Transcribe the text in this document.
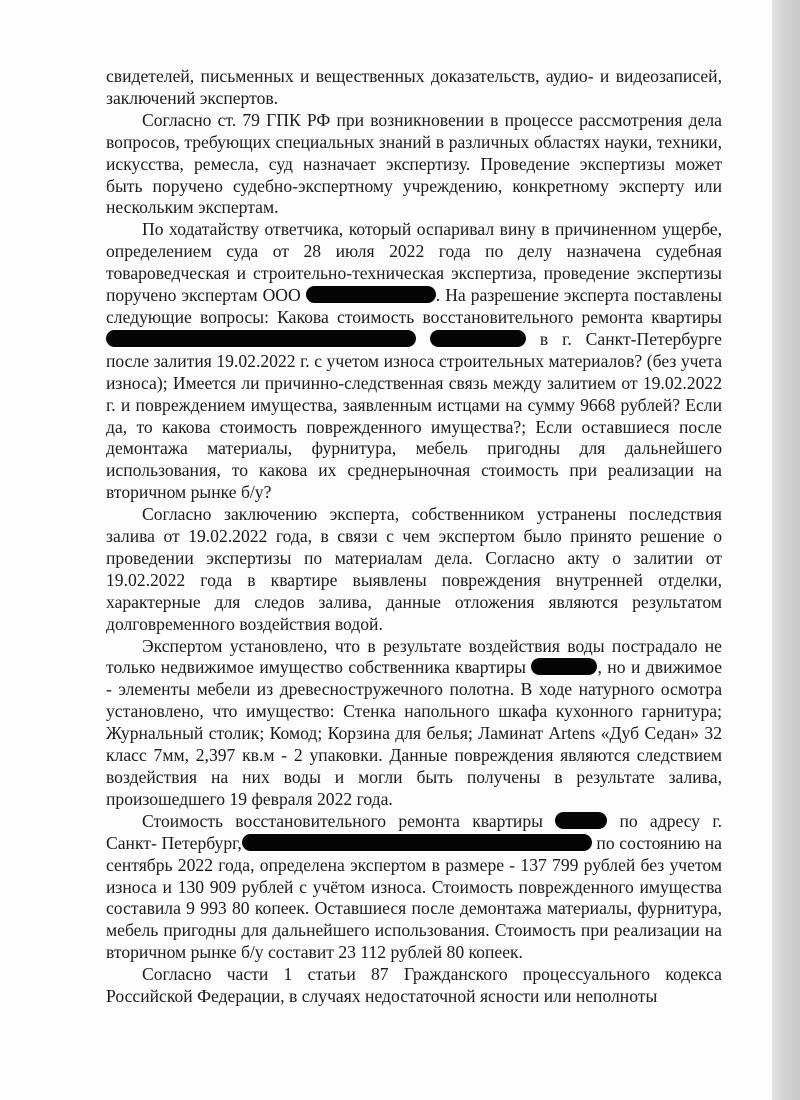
свидетелей, письменных и вещественных доказательств, аудио- и видеозаписей, заключений экспертов.

Согласно ст. 79 ГПК РФ при возникновении в процессе рассмотрения дела вопросов, требующих специальных знаний в различных областях науки, техники, искусства, ремесла, суд назначает экспертизу. Проведение экспертизы может быть поручено судебно-экспертному учреждению, конкретному эксперту или нескольким экспертам.

По ходатайству ответчика, который оспаривал вину в причиненном ущербе, определением суда от 28 июля 2022 года по делу назначена судебная товароведческая и строительно-техническая экспертиза, проведение экспертизы поручено экспертам ООО	. На разрешение эксперта поставлены следующие вопросы: Какова стоимость восстановительного ремонта квартиры   в г. Санкт-Петербурге после залития 19.02.2022 г. с учетом износа строительных материалов? (без учета износа); Имеется ли причинно-следственная связь между залитием от 19.02.2022 г. и повреждением имущества, заявленным истцами на сумму 9668 рублей? Если да, то какова стоимость поврежденного имущества?; Если оставшиеся после демонтажа материалы, фурнитура, мебель пригодны для дальнейшего использования, то какова их среднерыночная стоимость при реализации на вторичном рынке б/у?

Согласно заключению эксперта, собственником устранены последствия залива от 19.02.2022 года, в связи с чем экспертом было принято решение о проведении экспертизы по материалам дела. Согласно акту о залитии от 19.02.2022 года в квартире выявлены повреждения внутренней отделки, характерные для следов залива, данные отложения являются результатом долговременного воздействия водой.

Экспертом установлено, что в результате воздействия воды пострадало не только недвижимое имущество собственника квартиры	, но и движимое - элементы мебели из древесностружечного полотна. В ходе натурного осмотра установлено, что имущество: Стенка напольного шкафа кухонного гарнитура; Журнальный столик; Комод; Корзина для белья; Ламинат Artens «Дуб Седан» 32 класс 7мм, 2,397 кв.м - 2 упаковки. Данные повреждения являются следствием воздействия на них воды и могли быть получены в результате залива, произошедшего 19 февраля 2022 года.

Стоимость восстановительного ремонта квартиры	по адресу г. Санкт- Петербург,	по состоянию на сентябрь 2022 года, определена экспертом в размере - 137 799 рублей без учетом износа и 130 909 рублей с учётом износа. Стоимость поврежденного имущества составила 9 993 80 копеек. Оставшиеся после демонтажа материалы, фурнитура, мебель пригодны для дальнейшего использования. Стоимость при реализации на вторичном рынке б/у составит 23 112 рублей 80 копеек.

Согласно части 1 статьи 87 Гражданского процессуального кодекса Российской Федерации, в случаях недостаточной ясности или неполноты
